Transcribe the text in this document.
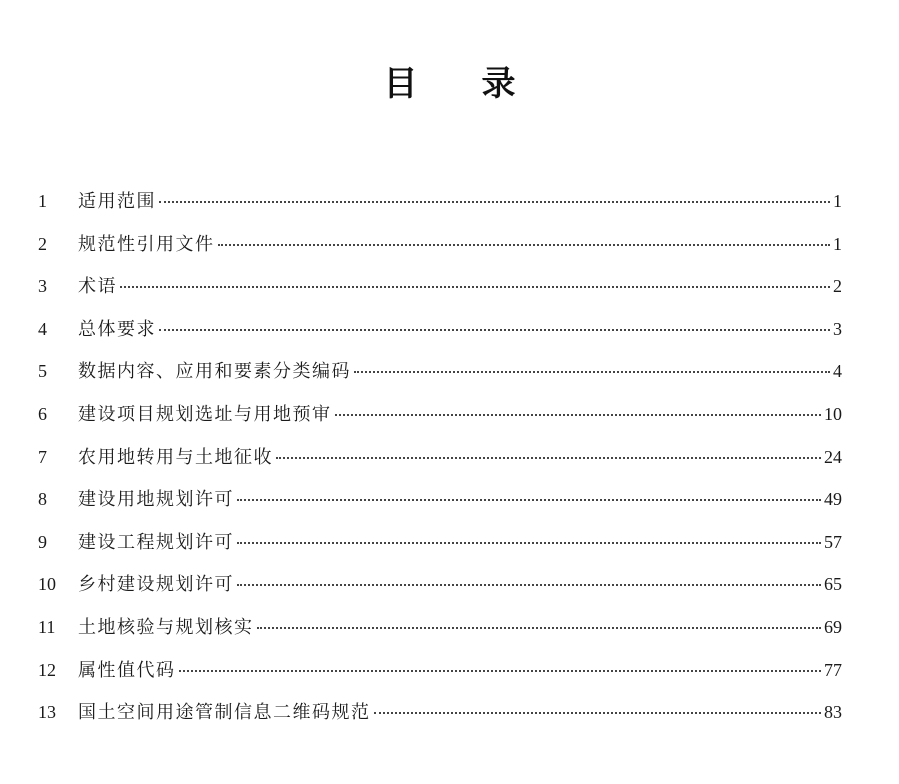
目录
1	适用范围	1
2	规范性引用文件	1
3	术语	2
4	总体要求	3
5	数据内容、应用和要素分类编码	4
6	建设项目规划选址与用地预审	10
7	农用地转用与土地征收	24
8	建设用地规划许可	49
9	建设工程规划许可	57
10	乡村建设规划许可	65
11	土地核验与规划核实	69
12	属性值代码	77
13	国土空间用途管制信息二维码规范	83
